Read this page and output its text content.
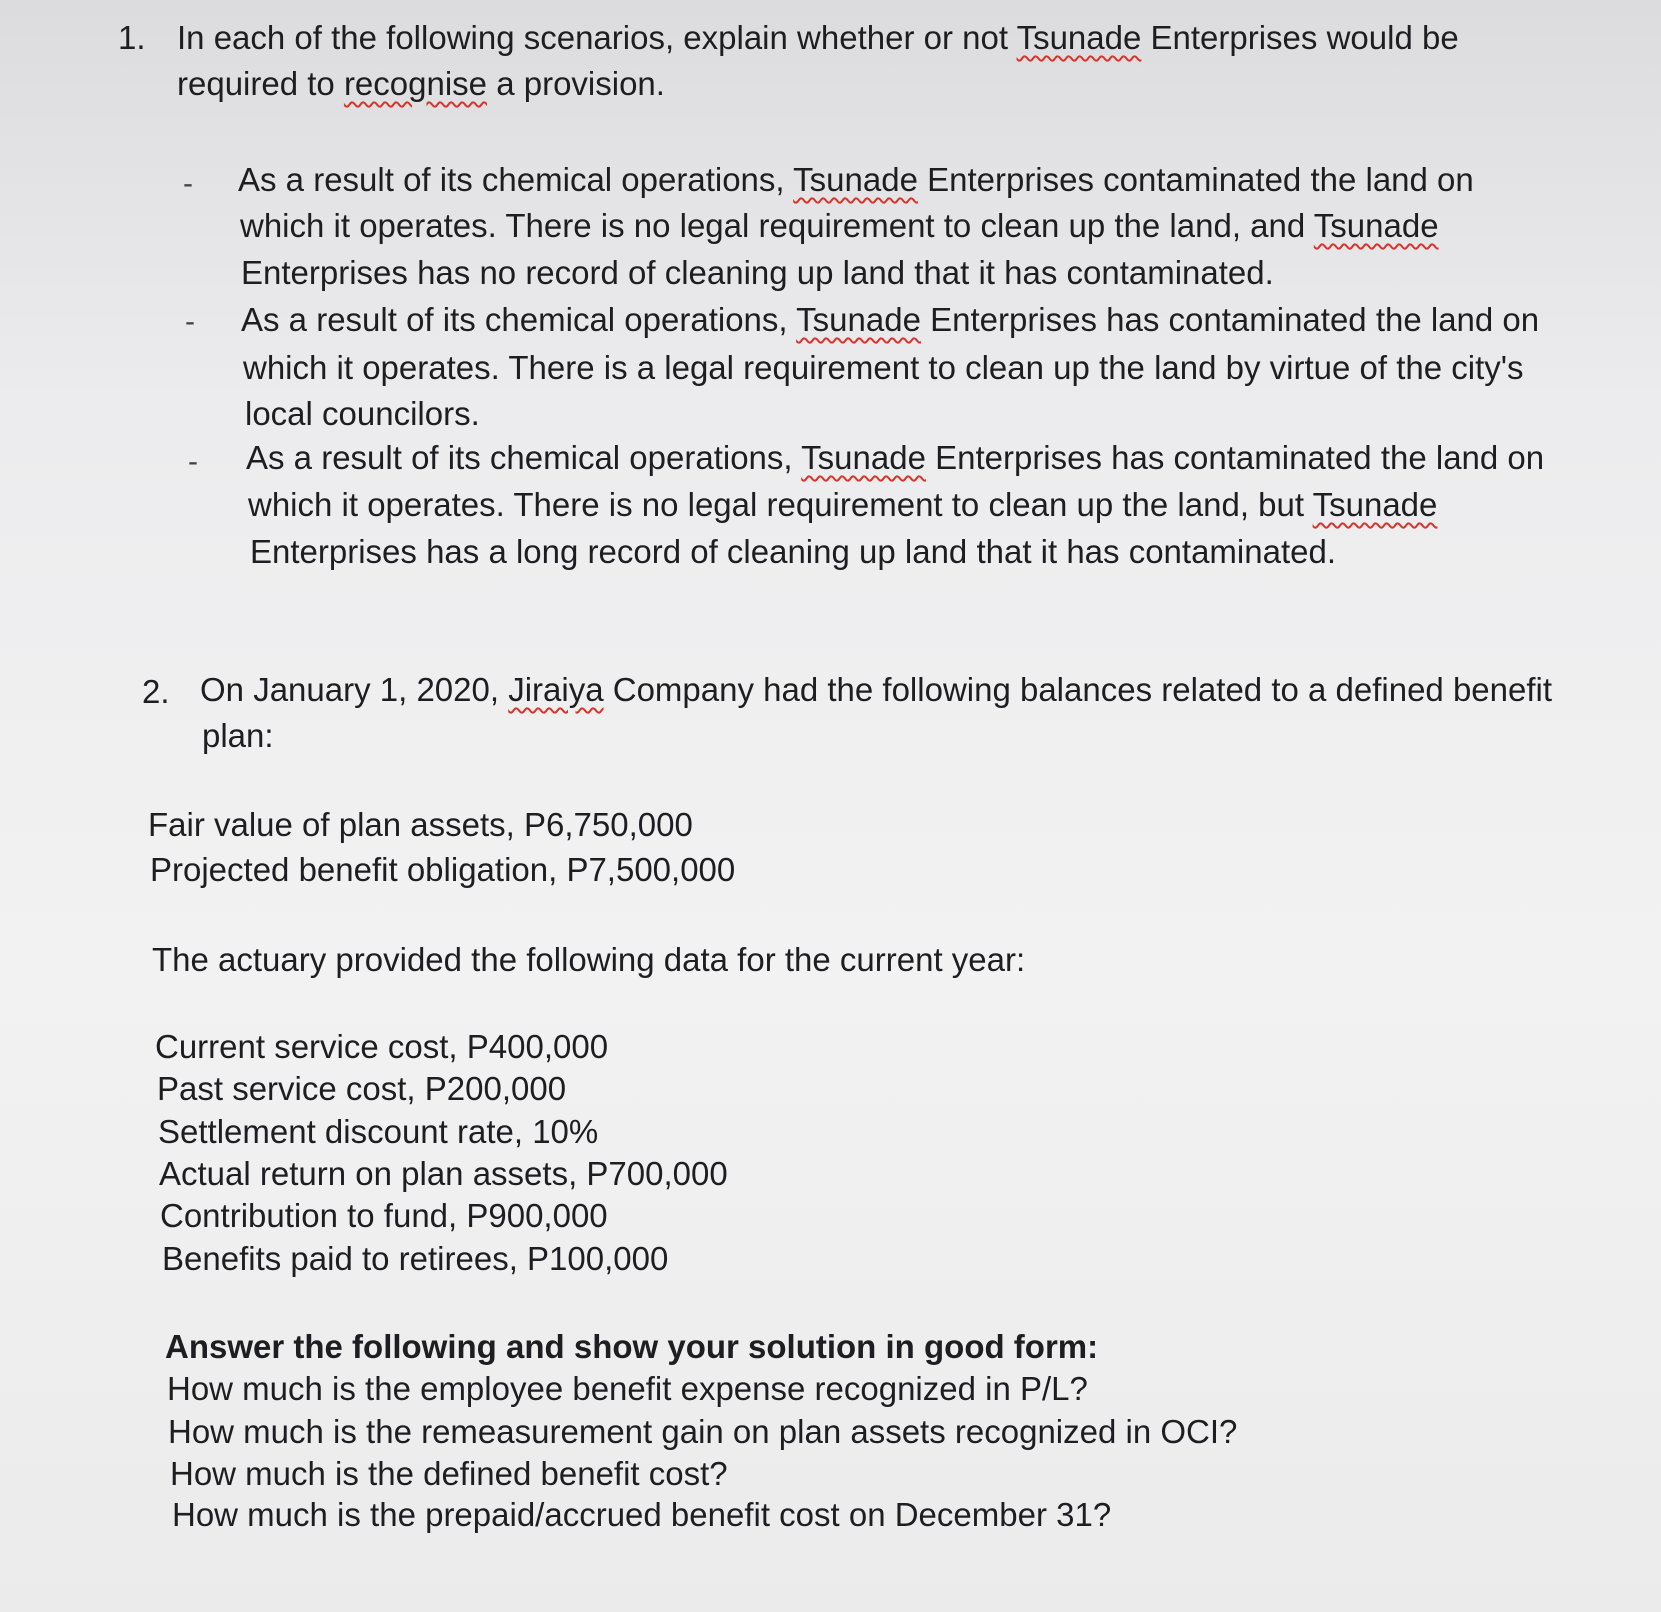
1. In each of the following scenarios, explain whether or not Tsunade Enterprises would be
required to recognise a provision.
- As a result of its chemical operations, Tsunade Enterprises contaminated the land on
which it operates. There is no legal requirement to clean up the land, and Tsunade
Enterprises has no record of cleaning up land that it has contaminated.
- As a result of its chemical operations, Tsunade Enterprises has contaminated the land on
which it operates. There is a legal requirement to clean up the land by virtue of the city's
local councilors.
- As a result of its chemical operations, Tsunade Enterprises has contaminated the land on
which it operates. There is no legal requirement to clean up the land, but Tsunade
Enterprises has a long record of cleaning up land that it has contaminated.
2. On January 1, 2020, Jiraiya Company had the following balances related to a defined benefit
plan:
Fair value of plan assets, P6,750,000
Projected benefit obligation, P7,500,000
The actuary provided the following data for the current year:
Current service cost, P400,000
Past service cost, P200,000
Settlement discount rate, 10%
Actual return on plan assets, P700,000
Contribution to fund, P900,000
Benefits paid to retirees, P100,000
Answer the following and show your solution in good form:
How much is the employee benefit expense recognized in P/L?
How much is the remeasurement gain on plan assets recognized in OCI?
How much is the defined benefit cost?
How much is the prepaid/accrued benefit cost on December 31?
